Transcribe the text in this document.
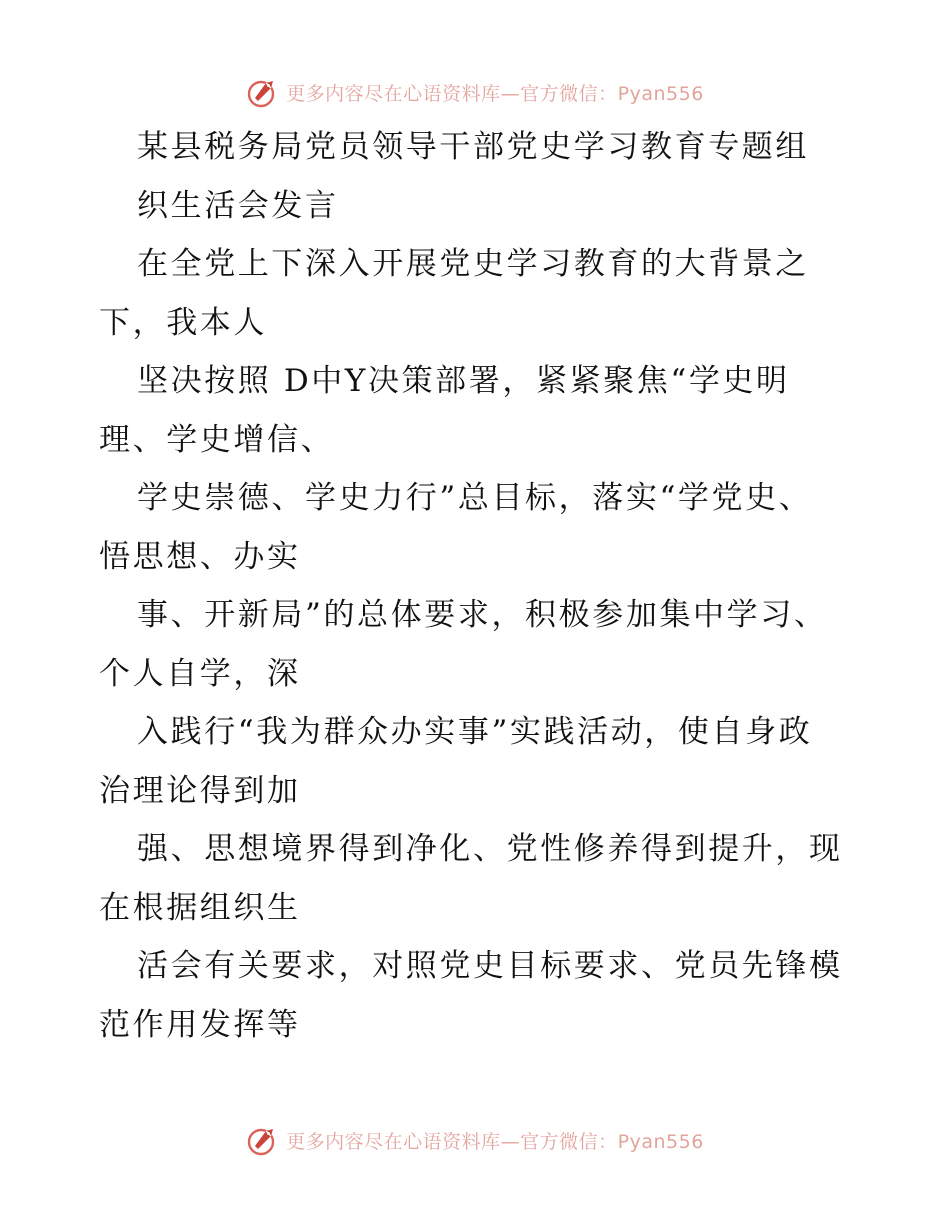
更多内容尽在心语资料库—官方微信：Pyan556
某县税务局党员领导干部党史学习教育专题组
织生活会发言
在全党上下深入开展党史学习教育的大背景之
下，我本人
坚决按照 D中Y决策部署，紧紧聚焦“学史明
理、学史增信、
学史崇德、学史力行”总目标，落实“学党史、
悟思想、办实
事、开新局”的总体要求，积极参加集中学习、
个人自学，深
入践行“我为群众办实事”实践活动，使自身政
治理论得到加
强、思想境界得到净化、党性修养得到提升，现
在根据组织生
活会有关要求，对照党史目标要求、党员先锋模
范作用发挥等
更多内容尽在心语资料库—官方微信：Pyan556
